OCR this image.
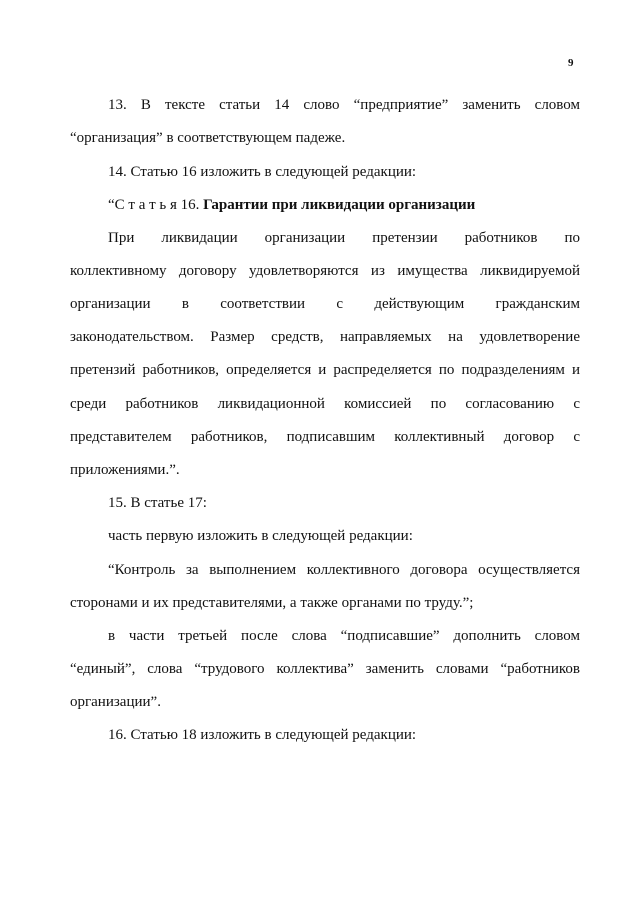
9
13. В тексте статьи 14 слово “предприятие” заменить словом
“организация” в соответствующем падеже.
14. Статью 16 изложить в следующей редакции:
“С т а т ь я 16. Гарантии при ликвидации организации
При ликвидации организации претензии работников по
коллективному договору удовлетворяются из имущества ликвидируемой
организации в соответствии с действующим гражданским
законодательством. Размер средств, направляемых на удовлетворение
претензий работников, определяется и распределяется по подразделениям и
среди работников ликвидационной комиссией по согласованию с
представителем работников, подписавшим коллективный договор с
приложениями.”.
15. В статье 17:
часть первую изложить в следующей редакции:
“Контроль за выполнением коллективного договора осуществляется
сторонами и их представителями, а также органами по труду.”;
в части третьей после слова “подписавшие” дополнить словом
“единый”, слова “трудового коллектива” заменить словами “работников
организации”.
16. Статью 18 изложить в следующей редакции:
